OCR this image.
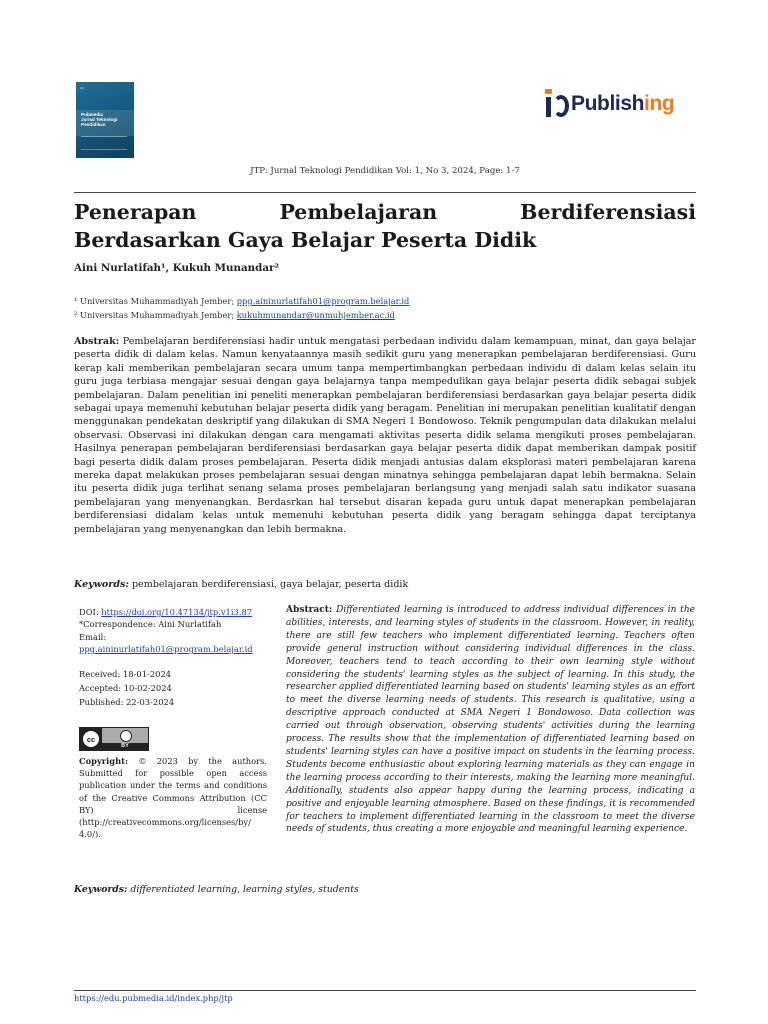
•••
Pubmedia
Jurnal Teknologi
Pendidikan
Publishing
JTP: Jurnal Teknologi Pendidikan Vol: 1, No 3, 2024, Page: 1-7
Penerapan Pembelajaran Berdiferensiasi Berdasarkan Gaya Belajar Peserta Didik
Aini Nurlatifah¹, Kukuh Munandar²
¹ Universitas Muhammadiyah Jember; ppg.aininurlatifah01@program.belajar.id
² Universitas Muhammadiyah Jember; kukuhmunandar@unmuhjember.ac.id
Abstrak: Pembelajaran berdiferensiasi hadir untuk mengatasi perbedaan individu dalam kemampuan, minat, dan gaya belajar peserta didik di dalam kelas. Namun kenyataannya masih sedikit guru yang menerapkan pembelajaran berdiferensiasi. Guru kerap kali memberikan pembelajaran secara umum tanpa mempertimbangkan perbedaan individu di dalam kelas selain itu guru juga terbiasa mengajar sesuai dengan gaya belajarnya tanpa mempedulikan gaya belajar peserta didik sebagai subjek pembelajaran. Dalam penelitian ini peneliti menerapkan pembelajaran berdiferensiasi berdasarkan gaya belajar peserta didik sebagai upaya memenuhi kebutuhan belajar peserta didik yang beragam. Penelitian ini merupakan penelitian kualitatif dengan menggunakan pendekatan deskriptif yang dilakukan di SMA Negeri 1 Bondowoso. Teknik pengumpulan data dilakukan melalui observasi. Observasi ini dilakukan dengan cara mengamati aktivitas peserta didik selama mengikuti proses pembelajaran. Hasilnya penerapan pembelajaran berdiferensiasi berdasarkan gaya belajar peserta didik dapat memberikan dampak positif bagi peserta didik dalam proses pembelajaran. Peserta didik menjadi antusias dalam eksplorasi materi pembelajaran karena mereka dapat melakukan proses pembelajaran sesuai dengan minatnya sehingga pembelajaran dapat lebih bermakna. Selain itu peserta didik juga terlihat senang selama proses pembelajaran berlangsung yang menjadi salah satu indikator suasana pembelajaran yang menyenangkan. Berdasrkan hal tersebut disaran kepada guru untuk dapat menerapkan pembelajaran berdiferensiasi didalam kelas untuk memenuhi kebutuhan peserta didik yang beragam sehingga dapat terciptanya pembelajaran yang menyenangkan dan lebih bermakna.
Keywords: pembelajaran berdiferensiasi, gaya belajar, peserta didik
DOI: https://doi.org/10.47134/jtp.v1i3.87
*Correspondence: Aini Nurlatifah
Email:
ppg.aininurlatifah01@program.belajar.id
Received: 18-01-2024
Accepted: 10-02-2024
Published: 22-03-2024
cc
BY
Copyright: © 2023 by the authors. Submitted for possible open access publication under the terms and conditions of the Creative Commons Attribution (CC BY) license (http://creativecommons.org/licenses/by/ 4.0/).
Abstract: Differentiated learning is introduced to address individual differences in the abilities, interests, and learning styles of students in the classroom. However, in reality, there are still few teachers who implement differentiated learning. Teachers often provide general instruction without considering individual differences in the class. Moreover, teachers tend to teach according to their own learning style without considering the students' learning styles as the subject of learning. In this study, the researcher applied differentiated learning based on students' learning styles as an effort to meet the diverse learning needs of students. This research is qualitative, using a descriptive approach conducted at SMA Negeri 1 Bondowoso. Data collection was carried out through observation, observing students' activities during the learning process. The results show that the implementation of differentiated learning based on students' learning styles can have a positive impact on students in the learning process. Students become enthusiastic about exploring learning materials as they can engage in the learning process according to their interests, making the learning more meaningful. Additionally, students also appear happy during the learning process, indicating a positive and enjoyable learning atmosphere. Based on these findings, it is recommended for teachers to implement differentiated learning in the classroom to meet the diverse needs of students, thus creating a more enjoyable and meaningful learning experience.
Keywords: differentiated learning, learning styles, students
https://edu.pubmedia.id/index.php/jtp
